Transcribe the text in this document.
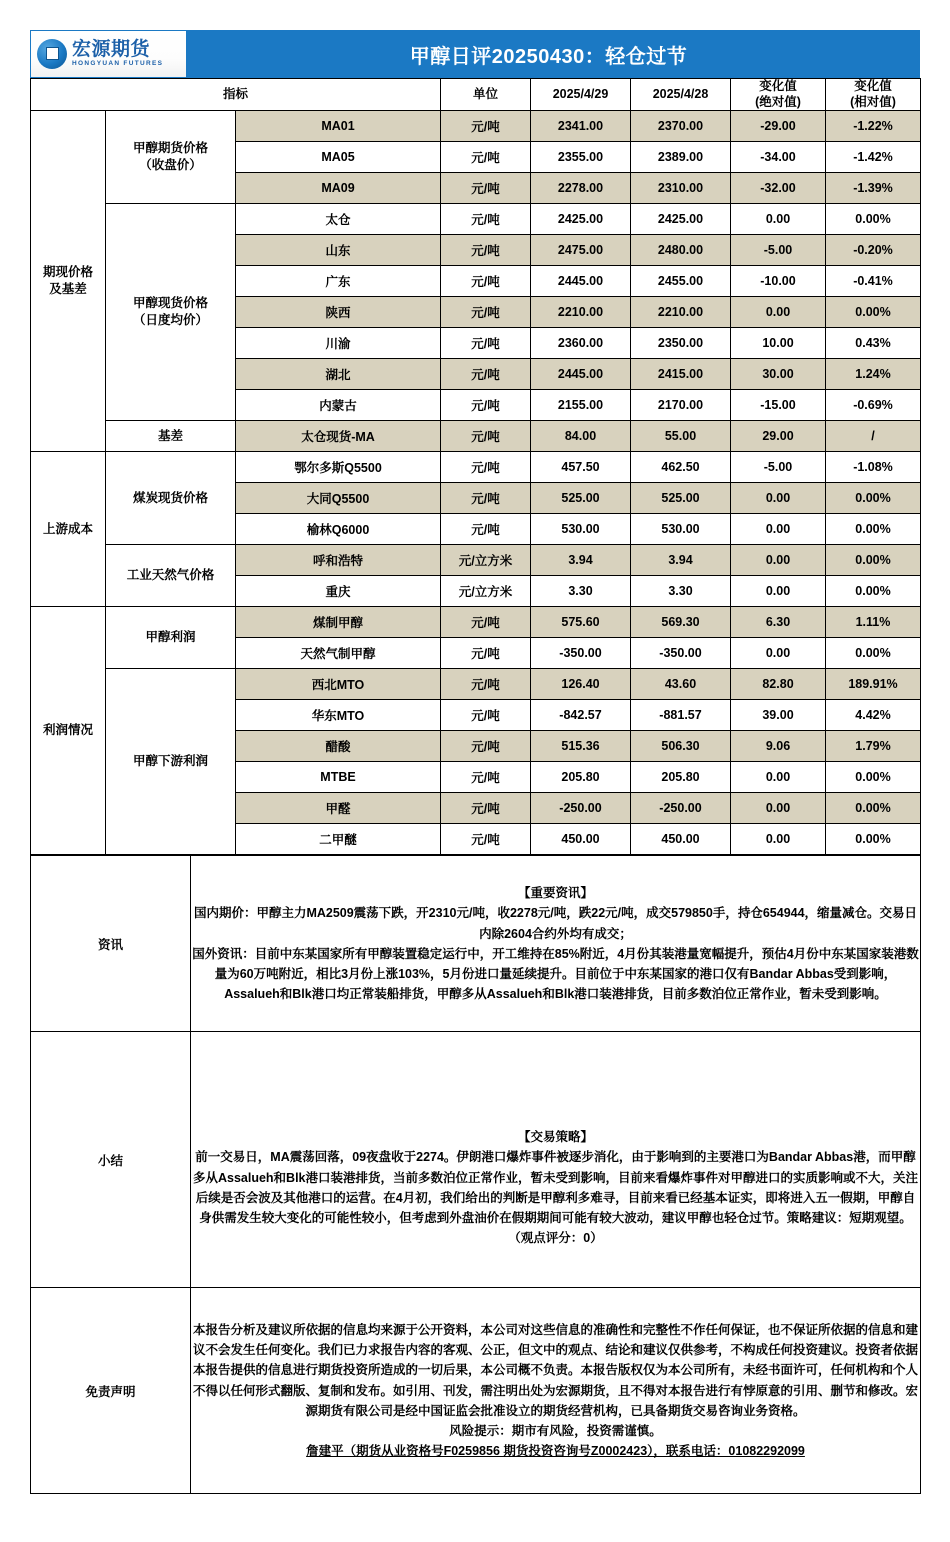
宏源期货
HONGYUAN FUTURES	甲醇日评20250430：轻仓过节
指标	单位	2025/4/29	2025/4/28	
变化值
(绝对值)

变化值
(相对值)

期现价格
及基差

甲醇期货价格
（收盘价）
	MA01	元/吨	2341.00	2370.00	-29.00	-1.22%
		MA05	元/吨	2355.00	2389.00	-34.00	-1.42%
		MA09	元/吨	2278.00	2310.00	-32.00	-1.39%

	甲醇现货价格
（日度均价）	太仓	元/吨	2425.00	2425.00	0.00	0.00%
		山东	元/吨	2475.00	2480.00	-5.00	-0.20%
		广东	元/吨	2445.00	2455.00	-10.00	-0.41%
		陕西	元/吨	2210.00	2210.00	0.00	0.00%
		川渝	元/吨	2360.00	2350.00	10.00	0.43%
		湖北	元/吨	2445.00	2415.00	30.00	1.24%
		内蒙古	元/吨	2155.00	2170.00	-15.00	-0.69%

	基差	太仓现货-MA	元/吨	84.00	55.00	29.00	/

上游成本	煤炭现货价格	鄂尔多斯Q5500	元/吨	457.50	462.50	-5.00	-1.08%
		大同Q5500	元/吨	525.00	525.00	0.00	0.00%
		榆林Q6000	元/吨	530.00	530.00	0.00	0.00%

	工业天然气价格	呼和浩特	元/立方米	3.94	3.94	0.00	0.00%
		重庆	元/立方米	3.30	3.30	0.00	0.00%

利润情况	甲醇利润	煤制甲醇	元/吨	575.60	569.30	6.30	1.11%
		天然气制甲醇	元/吨	-350.00	-350.00	0.00	0.00%

	甲醇下游利润	西北MTO	元/吨	126.40	43.60	82.80	189.91%
		华东MTO	元/吨	-842.57	-881.57	39.00	4.42%
		醋酸	元/吨	515.36	506.30	9.06	1.79%
		MTBE	元/吨	205.80	205.80	0.00	0.00%
		甲醛	元/吨	-250.00	-250.00	0.00	0.00%
		二甲醚	元/吨	450.00	450.00	0.00	0.00%
资讯	【重要资讯】

国内期价：甲醇主力MA2509震荡下跌，开2310元/吨，收2278元/吨，跌22元/吨，成交579850手，持仓654944，缩量减仓。交易日内除2604合约外均有成交；

国外资讯：目前中东某国家所有甲醇装置稳定运行中，开工维持在85%附近，4月份其装港量宽幅提升，预估4月份中东某国家装港数量为60万吨附近，相比3月份上涨103%，5月份进口量延续提升。目前位于中东某国家的港口仅有Bandar Abbas受到影响，Assalueh和Blk港口均正常装船排货，甲醇多从Assalueh和Blk港口装港排货，目前多数泊位正常作业，暂未受到影响。

小结	【交易策略】

前一交易日，MA震荡回落，09夜盘收于2274。伊朗港口爆炸事件被逐步消化，由于影响到的主要港口为Bandar Abbas港，而甲醇多从Assalueh和Blk港口装港排货，当前多数泊位正常作业，暂未受到影响，目前来看爆炸事件对甲醇进口的实质影响或不大，关注后续是否会波及其他港口的运营。在4月初，我们给出的判断是甲醇利多难寻，目前来看已经基本证实，即将进入五一假期，甲醇自身供需发生较大变化的可能性较小，但考虑到外盘油价在假期期间可能有较大波动，建议甲醇也轻仓过节。策略建议：短期观望。（观点评分：0）

免责声明	本报告分析及建议所依据的信息均来源于公开资料，本公司对这些信息的准确性和完整性不作任何保证，也不保证所依据的信息和建议不会发生任何变化。我们已力求报告内容的客观、公正，但文中的观点、结论和建议仅供参考，不构成任何投资建议。投资者依据本报告提供的信息进行期货投资所造成的一切后果，本公司概不负责。本报告版权仅为本公司所有，未经书面许可，任何机构和个人不得以任何形式翻版、复制和发布。如引用、刊发，需注明出处为宏源期货，且不得对本报告进行有悖原意的引用、删节和修改。宏源期货有限公司是经中国证监会批准设立的期货经营机构，已具备期货交易咨询业务资格。

风险提示：期市有风险，投资需谨慎。

詹建平（期货从业资格号F0259856 期货投资咨询号Z0002423），联系电话：01082292099
